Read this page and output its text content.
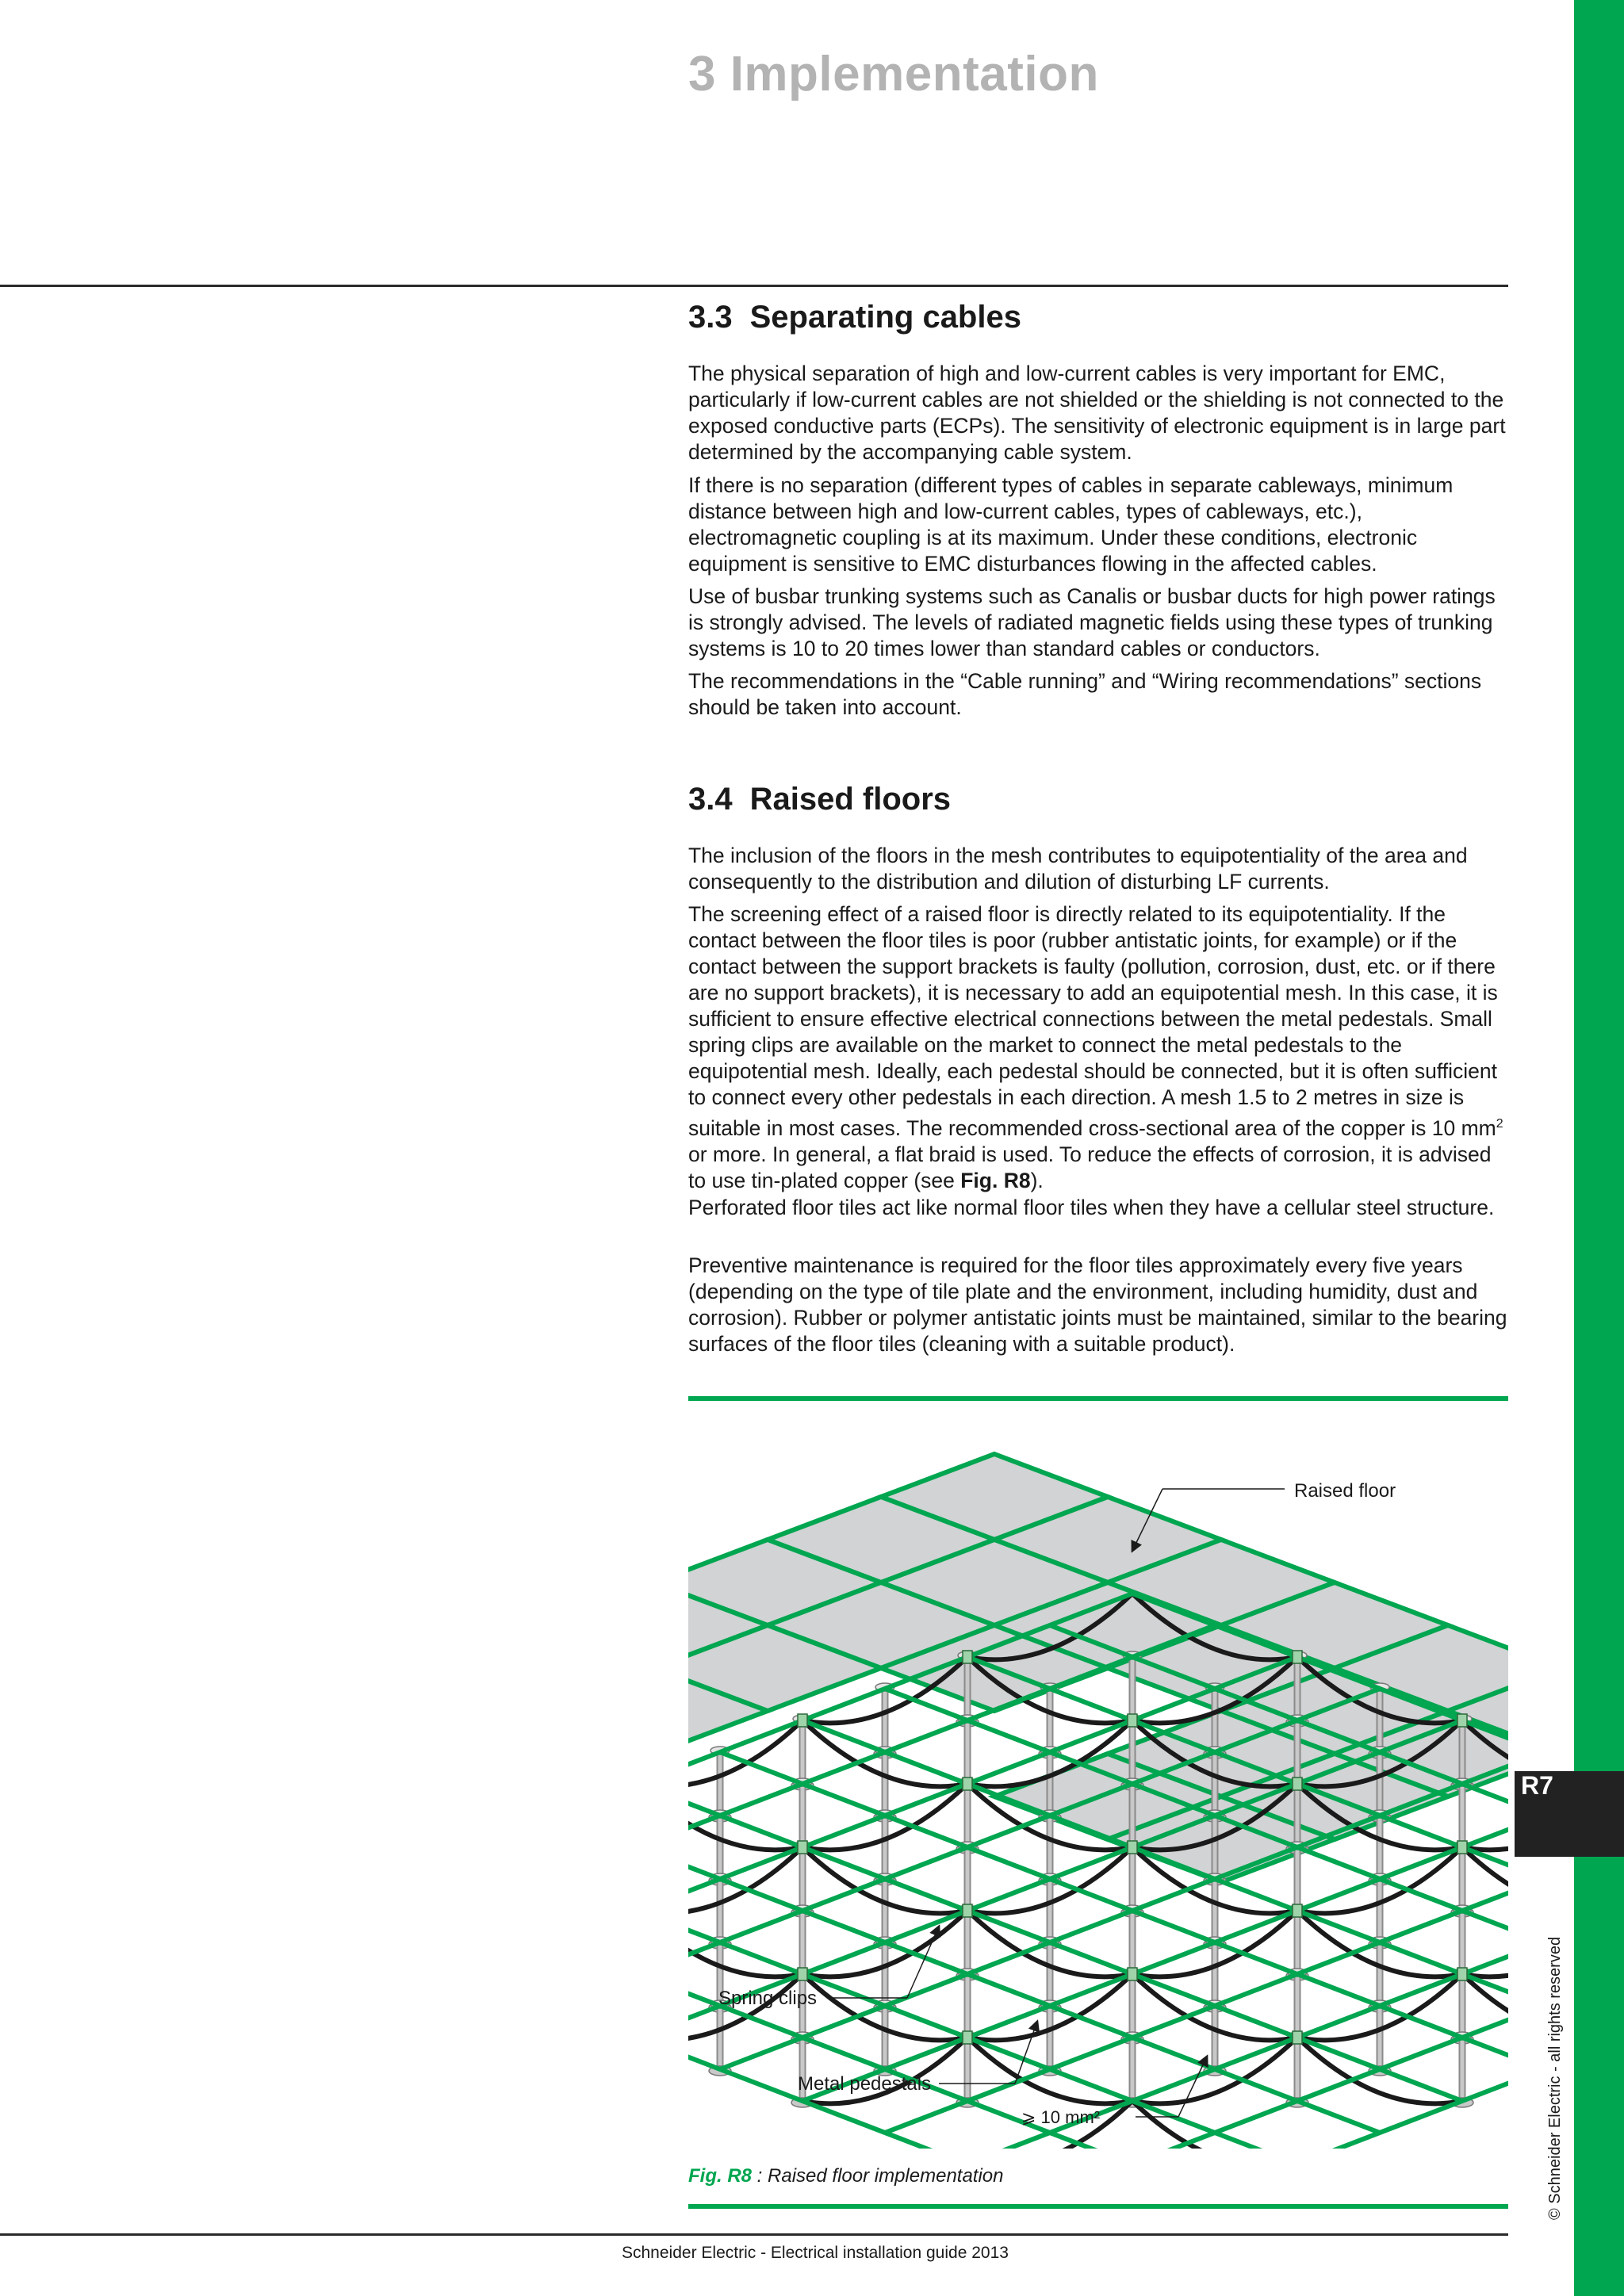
3 Implementation
3.3 Separating cables

The physical separation of high and low-current cables is very important for EMC, particularly if low-current cables are not shielded or the shielding is not connected to the exposed conductive parts (ECPs). The sensitivity of electronic equipment is in large part determined by the accompanying cable system.

If there is no separation (different types of cables in separate cableways, minimum distance between high and low-current cables, types of cableways, etc.), electromagnetic coupling is at its maximum. Under these conditions, electronic equipment is sensitive to EMC disturbances flowing in the affected cables.

Use of busbar trunking systems such as Canalis or busbar ducts for high power ratings is strongly advised. The levels of radiated magnetic fields using these types of trunking systems is 10 to 20 times lower than standard cables or conductors.

The recommendations in the “Cable running” and “Wiring recommendations” sections should be taken into account.

3.4 Raised floors

The inclusion of the floors in the mesh contributes to equipotentiality of the area and consequently to the distribution and dilution of disturbing LF currents.

The screening effect of a raised floor is directly related to its equipotentiality. If the contact between the floor tiles is poor (rubber antistatic joints, for example) or if the contact between the support brackets is faulty (pollution, corrosion, dust, etc. or if there are no support brackets), it is necessary to add an equipotential mesh. In this case, it is sufficient to ensure effective electrical connections between the metal pedestals. Small spring clips are available on the market to connect the metal pedestals to the equipotential mesh. Ideally, each pedestal should be connected, but it is often sufficient to connect every other pedestals in each direction. A mesh 1.5 to 2 metres in size is suitable in most cases. The recommended cross-sectional area of the copper is 10 $mm^2$ or more. In general, a flat braid is used. To reduce the effects of corrosion, it is advised to use tin-plated copper (see Fig. R8).

Perforated floor tiles act like normal floor tiles when they have a cellular steel structure.

Preventive maintenance is required for the floor tiles approximately every five years (depending on the type of tile plate and the environment, including humidity, dust and corrosion). Rubber or polymer antistatic joints must be maintained, similar to the bearing surfaces of the floor tiles (cleaning with a suitable product).

Raised floor
Spring clips
Metal pedestals
⩾ 10 mm²
Fig. R8 : Raised floor implementation
Schneider Electric - Electrical installation guide 2013
R7
© Schneider Electric - all rights reserved
